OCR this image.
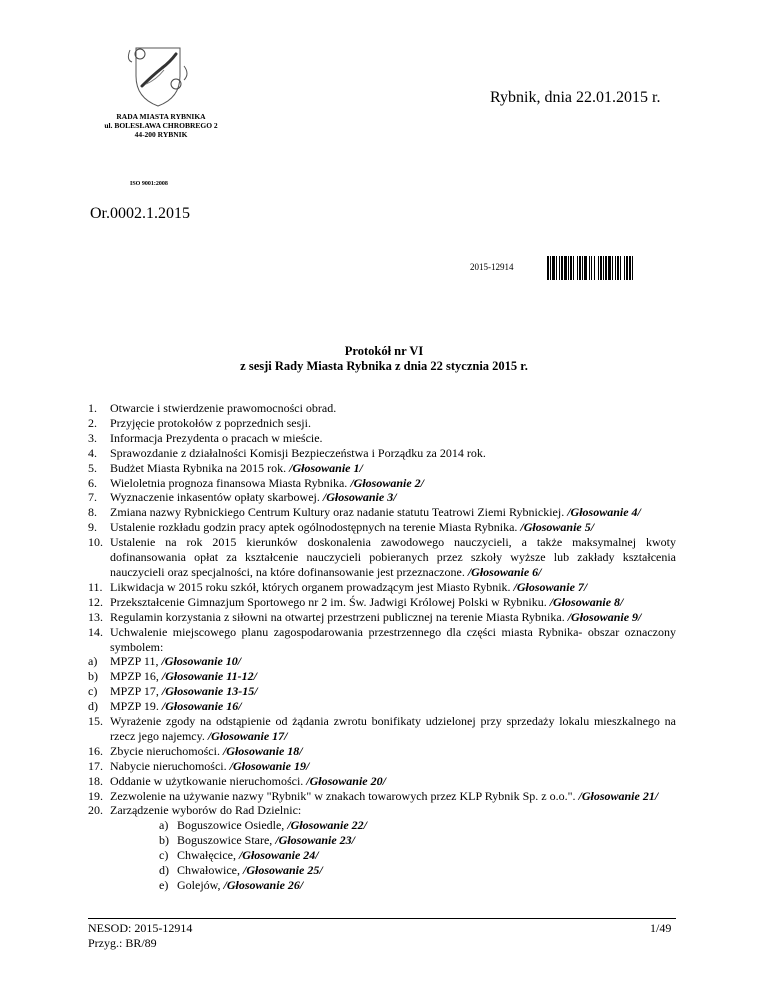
RADA MIASTA RYBNIKA
ul. BOLESŁAWA CHROBREGO 2
44-200 RYBNIK
ISO 9001:2008
Rybnik, dnia 22.01.2015 r.
Or.0002.1.2015
2015-12914
Protokół nr VI
z sesji Rady Miasta Rybnika z dnia 22 stycznia 2015 r.
1.	Otwarcie i stwierdzenie prawomocności obrad.
2.	Przyjęcie protokołów z poprzednich sesji.
3.	Informacja Prezydenta o pracach w mieście.
4.	Sprawozdanie z działalności Komisji Bezpieczeństwa i Porządku za 2014 rok.
5.	Budżet Miasta Rybnika na 2015 rok. /Głosowanie 1/
6.	Wieloletnia prognoza finansowa Miasta Rybnika. /Głosowanie 2/
7.	Wyznaczenie inkasentów opłaty skarbowej. /Głosowanie 3/
8.	Zmiana nazwy Rybnickiego Centrum Kultury oraz nadanie statutu Teatrowi Ziemi Rybnickiej. /Głosowanie 4/
9.	Ustalenie rozkładu godzin pracy aptek ogólnodostępnych na terenie Miasta Rybnika. /Głosowanie 5/
10. Ustalenie na rok 2015 kierunków doskonalenia zawodowego nauczycieli, a także maksymalnej kwoty dofinansowania opłat za kształcenie nauczycieli pobieranych przez szkoły wyższe lub zakłady kształcenia nauczycieli oraz specjalności, na które dofinansowanie jest przeznaczone. /Głosowanie 6/
11. Likwidacja w 2015 roku szkół, których organem prowadzącym jest Miasto Rybnik. /Głosowanie 7/
12. Przekształcenie Gimnazjum Sportowego nr 2 im. Św. Jadwigi Królowej Polski w Rybniku. /Głosowanie 8/
13. Regulamin korzystania z siłowni na otwartej przestrzeni publicznej na terenie Miasta Rybnika. /Głosowanie 9/
14. Uchwalenie miejscowego planu zagospodarowania przestrzennego dla części miasta Rybnika- obszar oznaczony symbolem:
a)	MPZP 11, /Głosowanie 10/
b)	MPZP 16, /Głosowanie 11-12/
c)	MPZP 17, /Głosowanie 13-15/
d)	MPZP 19. /Głosowanie 16/
15. Wyrażenie zgody na odstąpienie od żądania zwrotu bonifikaty udzielonej przy sprzedaży lokalu mieszkalnego na rzecz jego najemcy. /Głosowanie 17/
16. Zbycie nieruchomości. /Głosowanie 18/
17. Nabycie nieruchomości. /Głosowanie 19/
18. Oddanie w użytkowanie nieruchomości. /Głosowanie 20/
19. Zezwolenie na używanie nazwy "Rybnik" w znakach towarowych przez KLP Rybnik Sp. z o.o.". /Głosowanie 21/
20. Zarządzenie wyborów do Rad Dzielnic:
a) Boguszowice Osiedle, /Głosowanie 22/
b) Boguszowice Stare, /Głosowanie 23/
c) Chwałęcice, /Głosowanie 24/
d) Chwałowice, /Głosowanie 25/
e) Golejów, /Głosowanie 26/
NESOD: 2015-12914
Przyg.: BR/89
1/49
